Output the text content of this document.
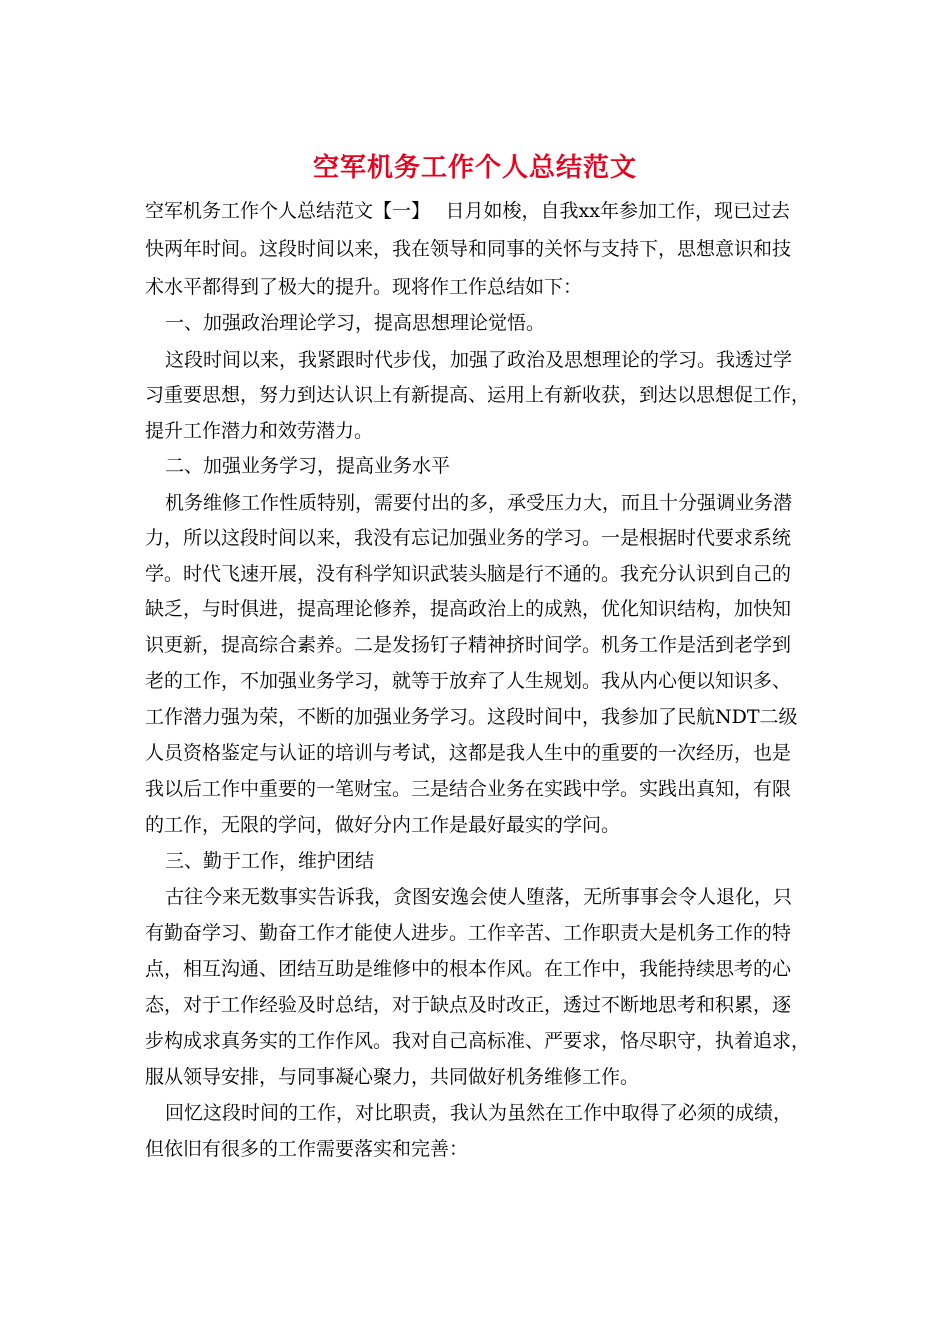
空军机务工作个人总结范文
空军机务工作个人总结范文【一】　 日月如梭，自我xx年参加工作，现已过去
快两年时间。这段时间以来，我在领导和同事的关怀与支持下，思想意识和技
术水平都得到了极大的提升。现将作工作总结如下：
一、加强政治理论学习，提高思想理论觉悟。
这段时间以来，我紧跟时代步伐，加强了政治及思想理论的学习。我透过学
习重要思想，努力到达认识上有新提高、运用上有新收获，到达以思想促工作，
提升工作潜力和效劳潜力。
二、加强业务学习，提高业务水平
机务维修工作性质特别，需要付出的多，承受压力大，而且十分强调业务潜
力，所以这段时间以来，我没有忘记加强业务的学习。一是根据时代要求系统
学。时代飞速开展，没有科学知识武装头脑是行不通的。我充分认识到自己的
缺乏，与时俱进，提高理论修养，提高政治上的成熟，优化知识结构，加快知
识更新，提高综合素养。二是发扬钉子精神挤时间学。机务工作是活到老学到
老的工作，不加强业务学习，就等于放弃了人生规划。我从内心便以知识多、
工作潜力强为荣，不断的加强业务学习。这段时间中，我参加了民航NDT二级
人员资格鉴定与认证的培训与考试，这都是我人生中的重要的一次经历，也是
我以后工作中重要的一笔财宝。三是结合业务在实践中学。实践出真知，有限
的工作，无限的学问，做好分内工作是最好最实的学问。
三、勤于工作，维护团结
古往今来无数事实告诉我，贪图安逸会使人堕落，无所事事会令人退化，只
有勤奋学习、勤奋工作才能使人进步。工作辛苦、工作职责大是机务工作的特
点，相互沟通、团结互助是维修中的根本作风。在工作中，我能持续思考的心
态，对于工作经验及时总结，对于缺点及时改正，透过不断地思考和积累，逐
步构成求真务实的工作作风。我对自己高标准、严要求，恪尽职守，执着追求，
服从领导安排，与同事凝心聚力，共同做好机务维修工作。
回忆这段时间的工作，对比职责，我认为虽然在工作中取得了必须的成绩，
但依旧有很多的工作需要落实和完善：
